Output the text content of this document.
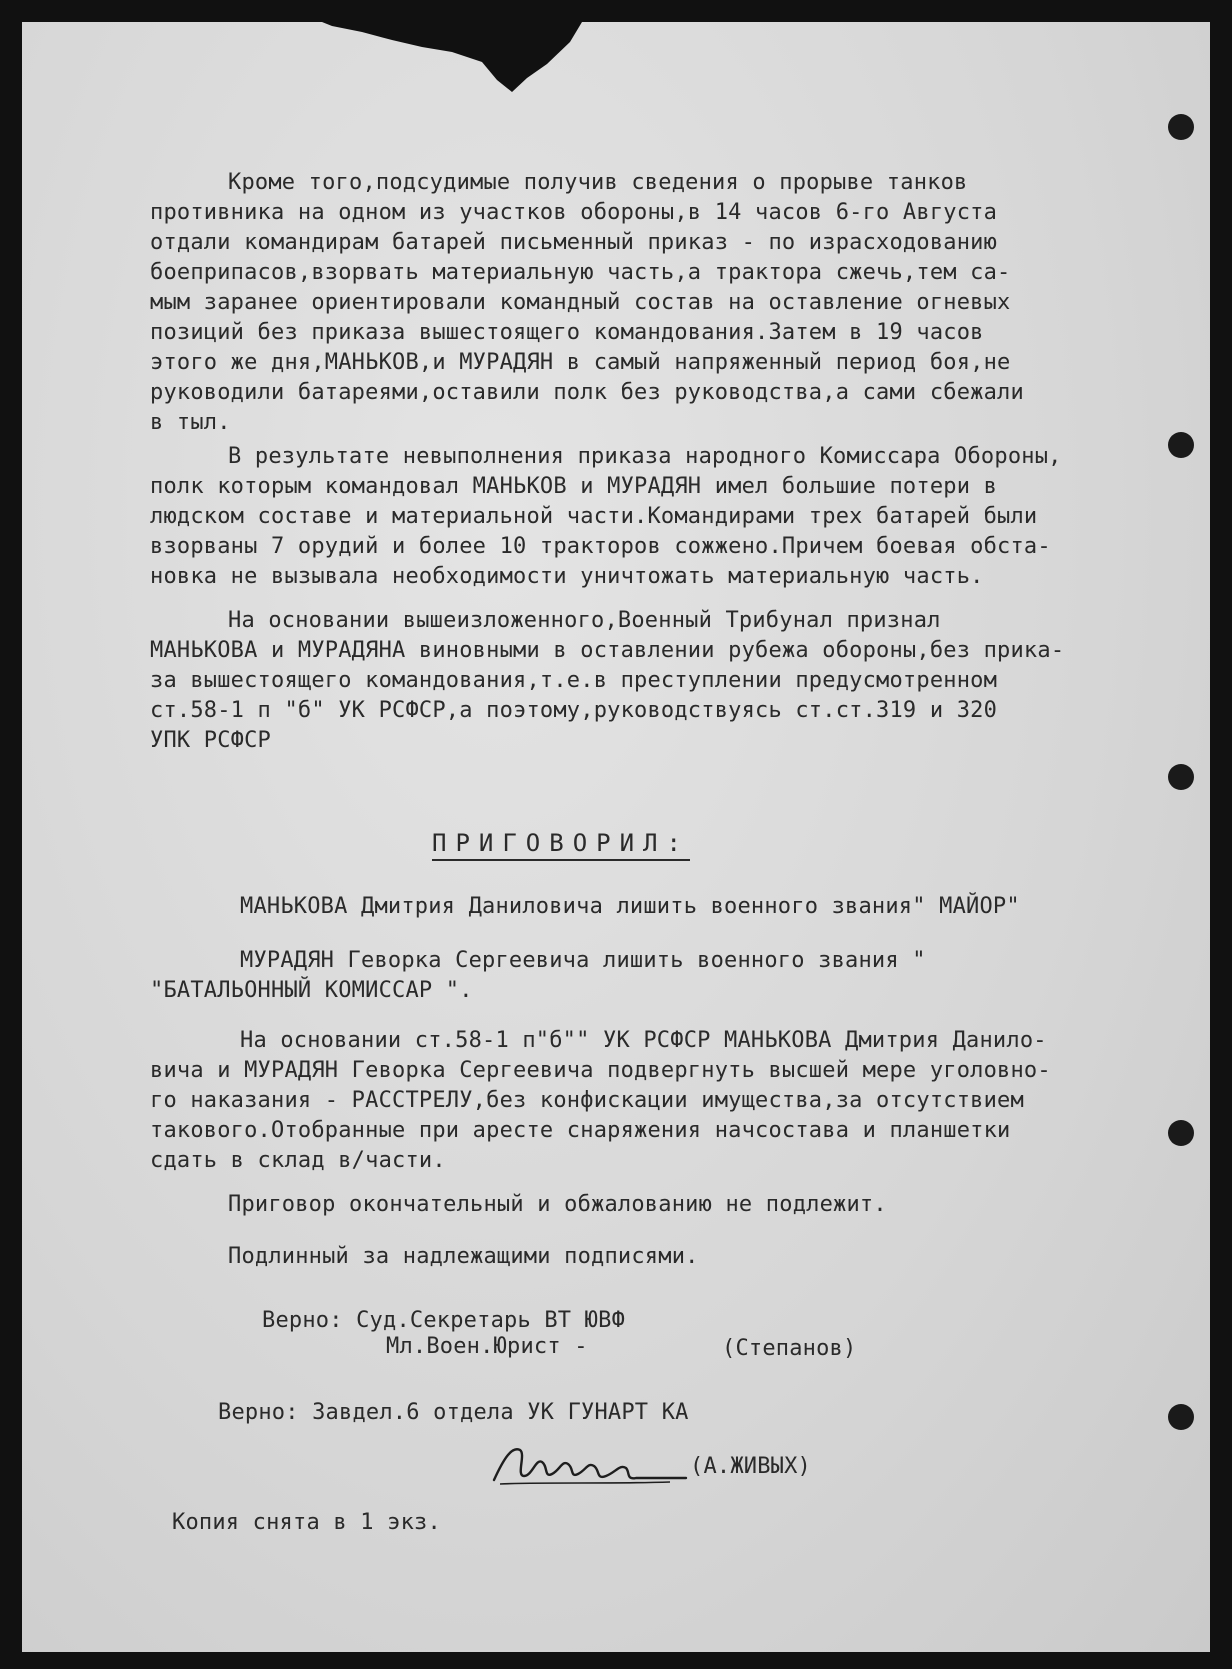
Кроме того,подсудимые получив сведения о прорыве танков
противника на одном из участков обороны,в 14 часов 6-го Августа
отдали командирам батарей письменный приказ - по израсходованию
боеприпасов,взорвать материальную часть,а трактора сжечь,тем са-
мым заранее ориентировали командный состав на оставление огневых
позиций без приказа вышестоящего командования.Затем в 19 часов
этого же дня,МАНЬКОВ,и МУРАДЯН в самый напряженный период боя,не
руководили батареями,оставили полк без руководства,а сами сбежали
в тыл.
В результате невыполнения приказа народного Комиссара Обороны,
полк которым командовал МАНЬКОВ и МУРАДЯН имел большие потери в
людском составе и материальной части.Командирами трех батарей были
взорваны 7 орудий и более 10 тракторов сожжено.Причем боевая обста-
новка не вызывала необходимости уничтожать материальную часть.
На основании вышеизложенного,Военный Трибунал признал
МАНЬКОВА и МУРАДЯНА виновными в оставлении рубежа обороны,без прика-
за вышестоящего командования,т.е.в преступлении предусмотренном
ст.58-1 п "б" УК РСФСР,а поэтому,руководствуясь ст.ст.319 и 320
УПК РСФСР
ПРИГОВОРИЛ:
МАНЬКОВА Дмитрия Даниловича лишить военного звания" МАЙОР"
МУРАДЯН Геворка Сергеевича лишить военного звания "
"БАТАЛЬОННЫЙ КОМИССАР ".
На основании ст.58-1 п"б"" УК РСФСР МАНЬКОВА Дмитрия Данило-
вича и МУРАДЯН Геворка Сергеевича подвергнуть высшей мере уголовно-
го наказания - РАССТРЕЛУ,без конфискации имущества,за отсутствием
такового.Отобранные при аресте снаряжения начсостава и планшетки
сдать в склад в/части.
Приговор окончательный и обжалованию не подлежит.
Подлинный за надлежащими подписями.
Верно: Суд.Секретарь ВТ ЮВФ
Мл.Воен.Юрист -	(Степанов)
Верно: Завдел.6 отдела УК ГУНАРТ КА
(А.ЖИВЫХ)
Копия снята в 1 экз.
